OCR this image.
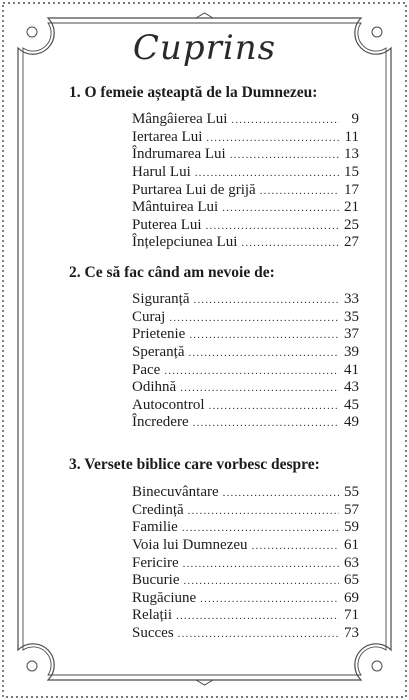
Cuprins
1. O femeie așteaptă de la Dumnezeu:
Mângâierea Lui .....	9
Iertarea Lui .....	11
Îndrumarea Lui .....	13
Harul Lui .....	15
Purtarea Lui de grijă .....	17
Mântuirea Lui .....	21
Puterea Lui .....	25
Înțelepciunea Lui .....	27
2. Ce să fac când am nevoie de:
Siguranță .....	33
Curaj .....	35
Prietenie .....	37
Speranță .....	39
Pace .....	41
Odihnă .....	43
Autocontrol .....	45
Încredere .....	49
3. Versete biblice care vorbesc despre:
Binecuvântare .....	55
Credință .....	57
Familie .....	59
Voia lui Dumnezeu .....	61
Fericire .....	63
Bucurie .....	65
Rugăciune .....	69
Relații .....	71
Succes .....	73
